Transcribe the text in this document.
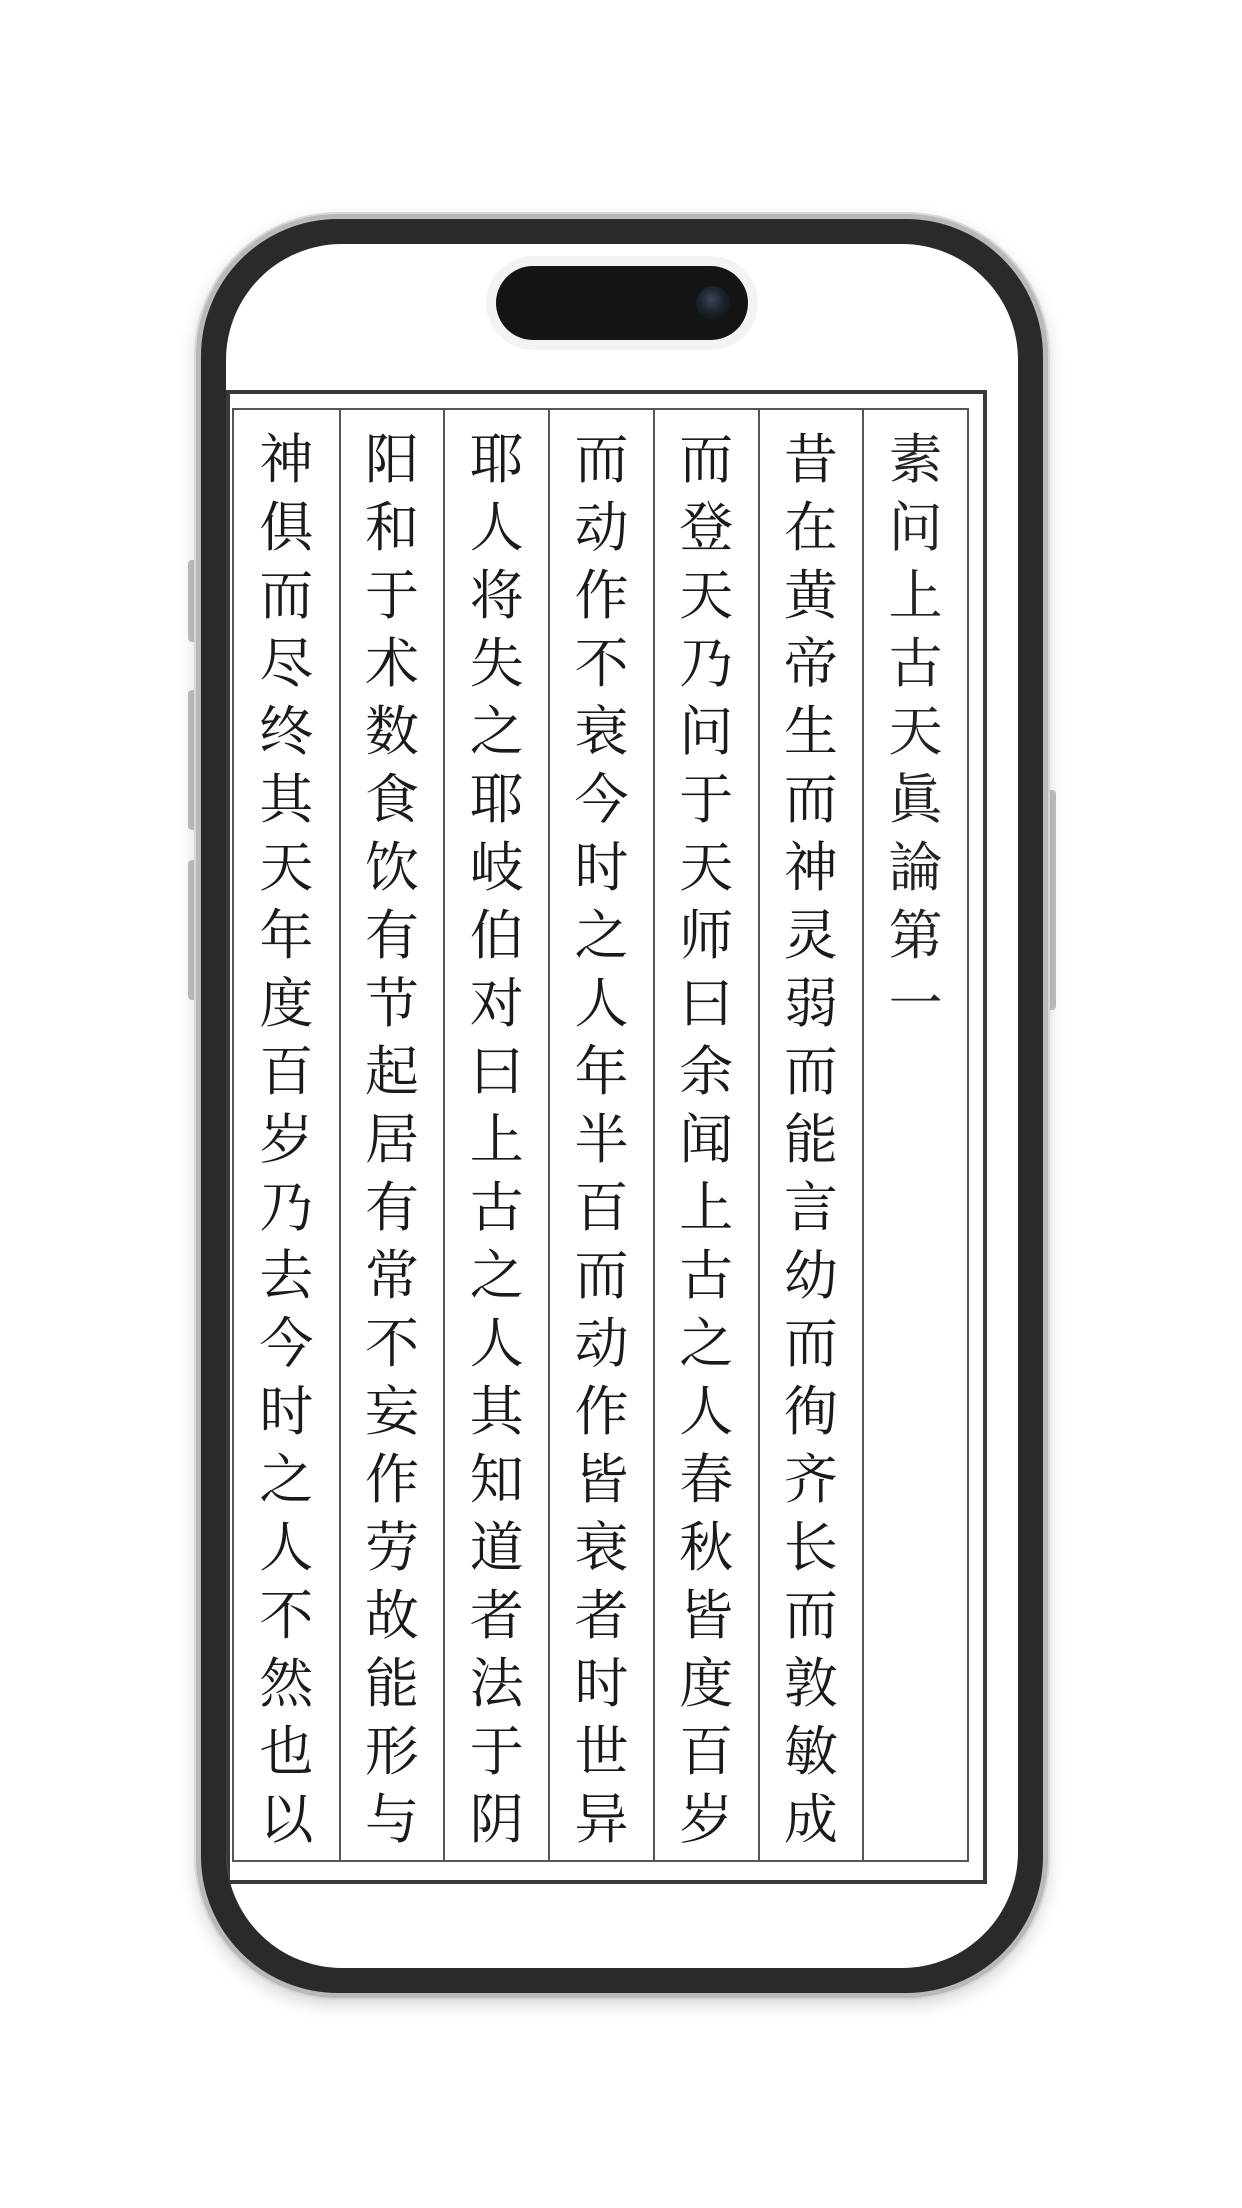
素
问
上
古
天
眞
論
第
一
昔
在
黄
帝
生
而
神
灵
弱
而
能
言
幼
而
徇
齐
长
而
敦
敏
成
而
登
天
乃
问
于
天
师
曰
余
闻
上
古
之
人
春
秋
皆
度
百
岁
而
动
作
不
衰
今
时
之
人
年
半
百
而
动
作
皆
衰
者
时
世
异
耶
人
将
失
之
耶
岐
伯
对
曰
上
古
之
人
其
知
道
者
法
于
阴
阳
和
于
术
数
食
饮
有
节
起
居
有
常
不
妄
作
劳
故
能
形
与
神
俱
而
尽
终
其
天
年
度
百
岁
乃
去
今
时
之
人
不
然
也
以
